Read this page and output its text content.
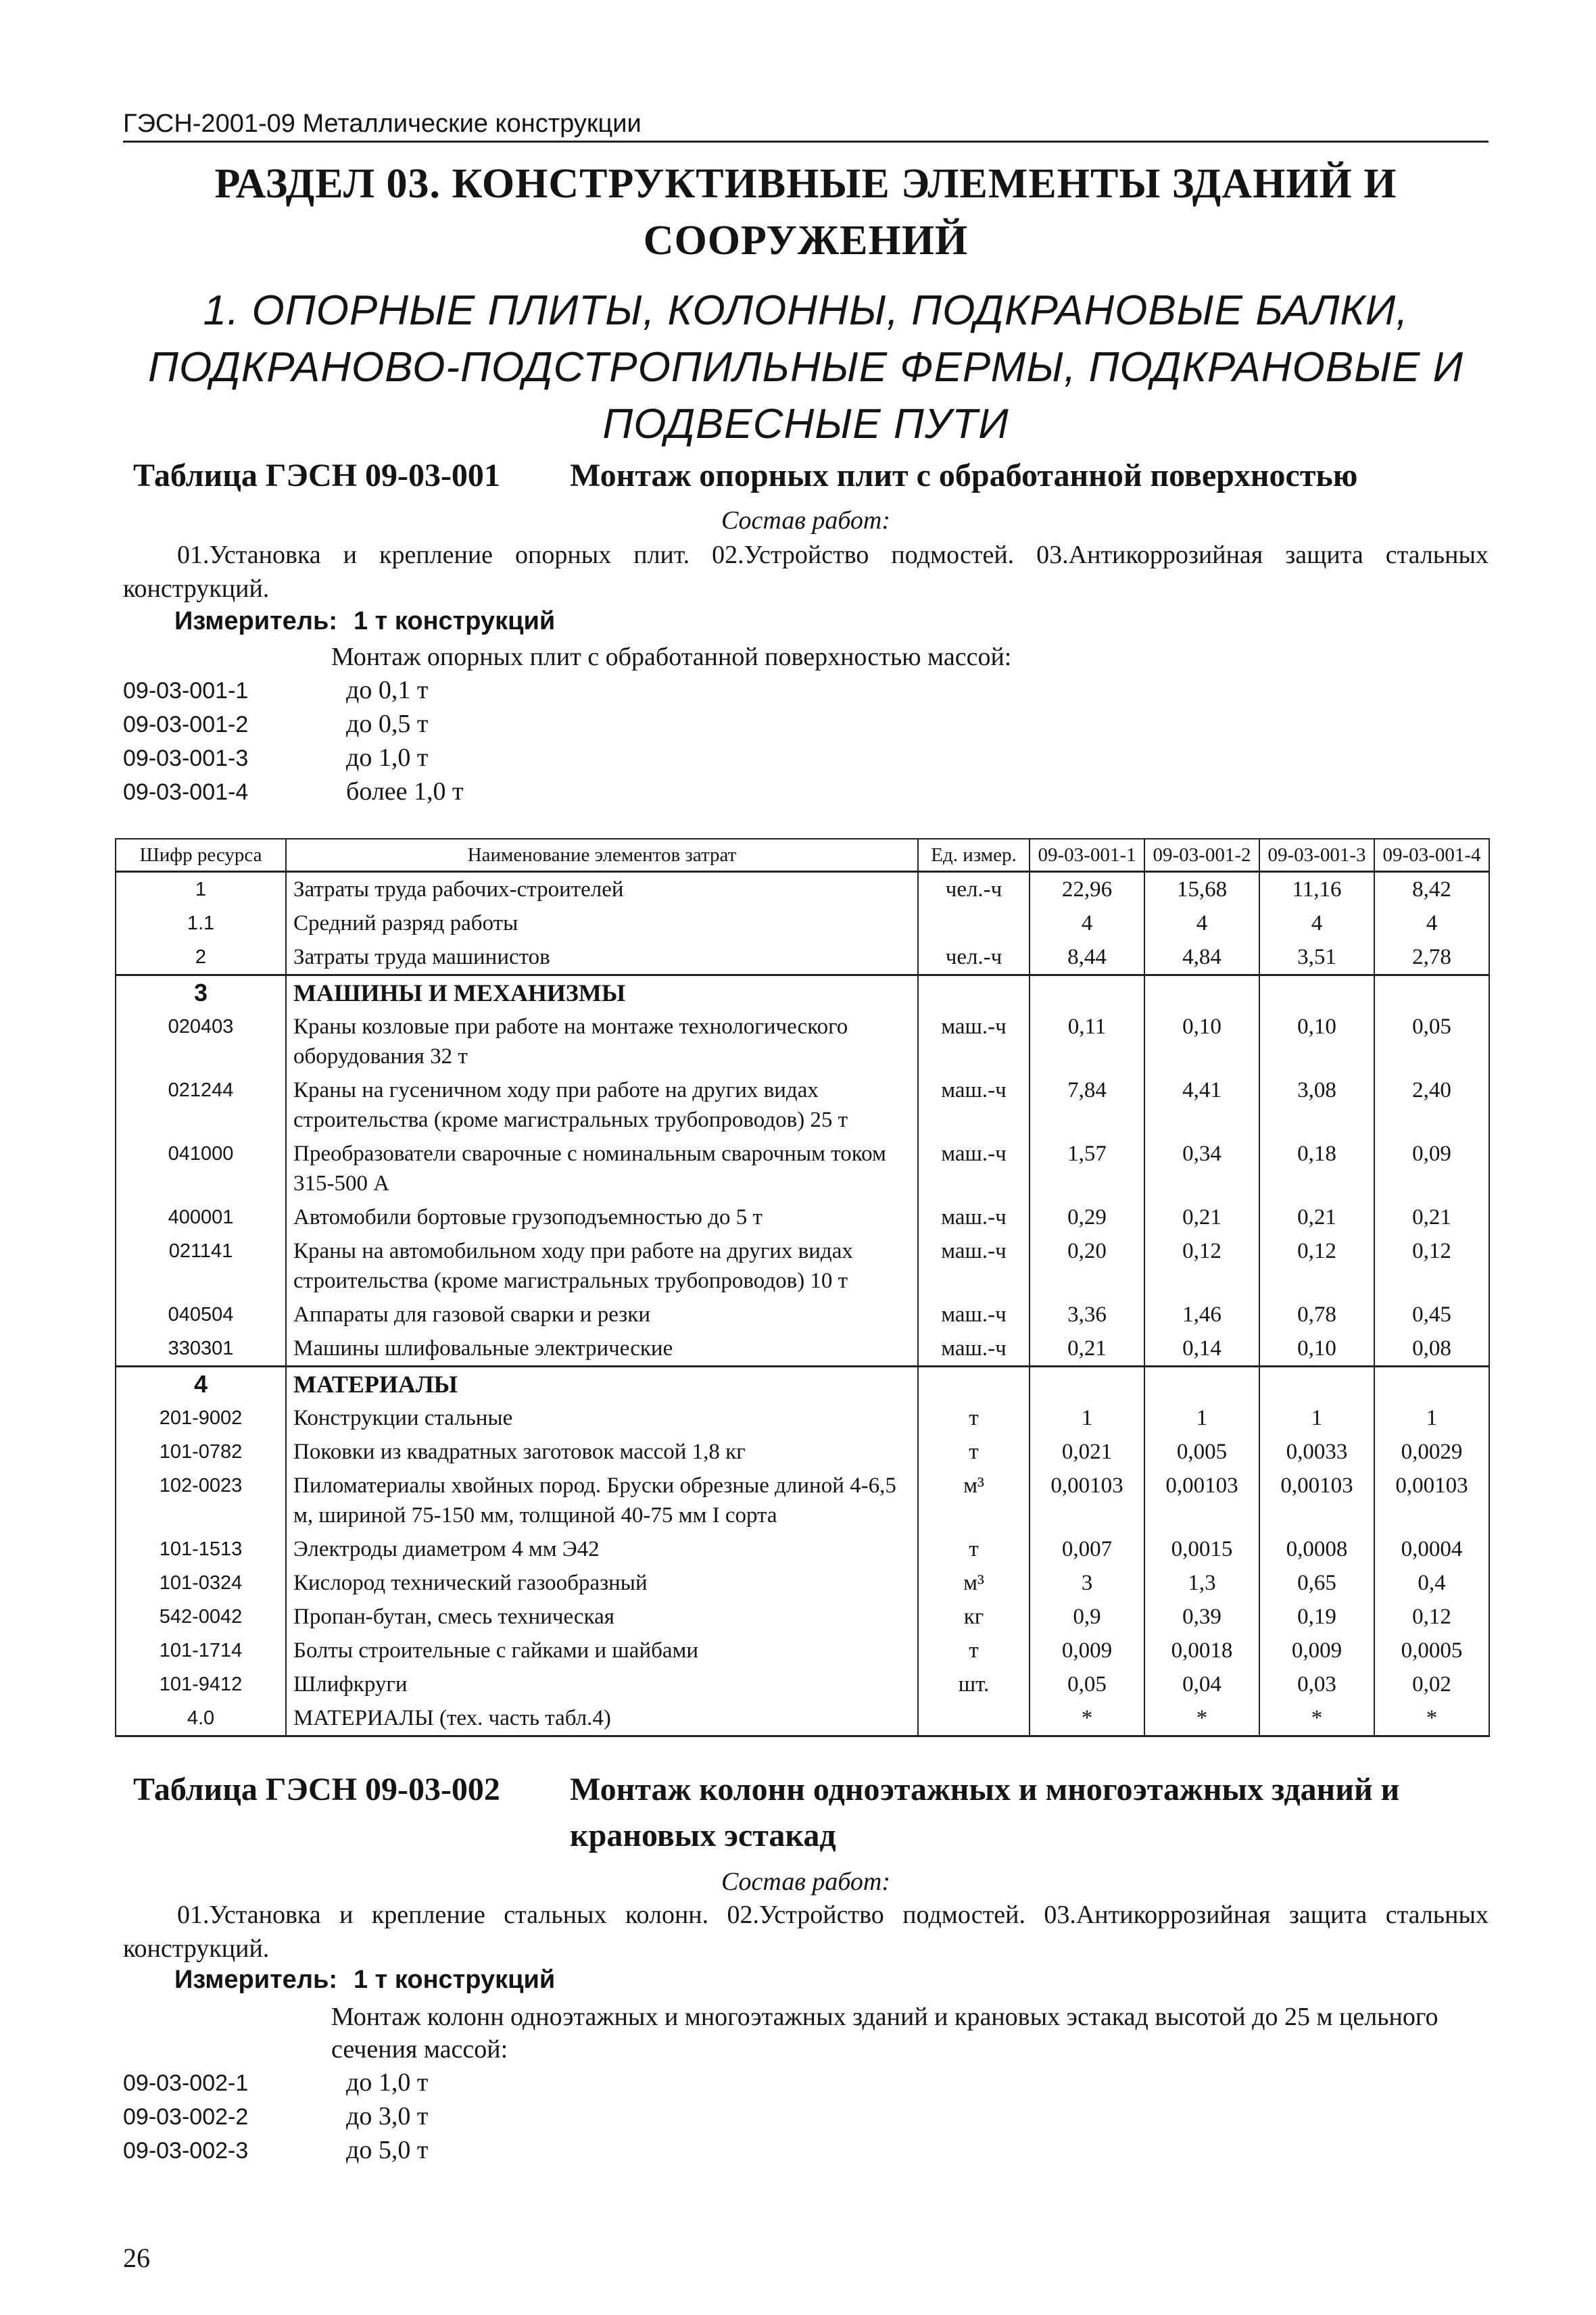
ГЭСН-2001-09 Металлические конструкции
РАЗДЕЛ 03. КОНСТРУКТИВНЫЕ ЭЛЕМЕНТЫ ЗДАНИЙ И СООРУЖЕНИЙ
1. ОПОРНЫЕ ПЛИТЫ, КОЛОННЫ, ПОДКРАНОВЫЕ БАЛКИ, ПОДКРАНОВО-ПОДСТРОПИЛЬНЫЕ ФЕРМЫ, ПОДКРАНОВЫЕ И ПОДВЕСНЫЕ ПУТИ
Таблица ГЭСН 09-03-001 Монтаж опорных плит с обработанной поверхностью
Состав работ:
01.Установка и крепление опорных плит. 02.Устройство подмостей. 03.Антикоррозийная защита стальных конструкций.
Измеритель: 1 т конструкций
Монтаж опорных плит с обработанной поверхностью массой:
09-03-001-1	до 0,1 т
09-03-001-2	до 0,5 т
09-03-001-3	до 1,0 т
09-03-001-4	более 1,0 т
Шифр ресурса	Наименование элементов затрат	Ед. измер.	09-03-001-1	09-03-001-2	09-03-001-3	09-03-001-4
1	Затраты труда рабочих-строителей	чел.-ч	22,96	15,68	11,16	8,42
1.1	Средний разряд работы		4	4	4	4
2	Затраты труда машинистов	чел.-ч	8,44	4,84	3,51	2,78
3	МАШИНЫ И МЕХАНИЗМЫ					
020403	Краны козловые при работе на монтаже технологического оборудования 32 т	маш.-ч	0,11	0,10	0,10	0,05
021244	Краны на гусеничном ходу при работе на других видах строительства (кроме магистральных трубопроводов) 25 т	маш.-ч	7,84	4,41	3,08	2,40
041000	Преобразователи сварочные с номинальным сварочным током 315-500 А	маш.-ч	1,57	0,34	0,18	0,09
400001	Автомобили бортовые грузоподъемностью до 5 т	маш.-ч	0,29	0,21	0,21	0,21
021141	Краны на автомобильном ходу при работе на других видах строительства (кроме магистральных трубопроводов) 10 т	маш.-ч	0,20	0,12	0,12	0,12
040504	Аппараты для газовой сварки и резки	маш.-ч	3,36	1,46	0,78	0,45
330301	Машины шлифовальные электрические	маш.-ч	0,21	0,14	0,10	0,08
4	МАТЕРИАЛЫ					
201-9002	Конструкции стальные	т	1	1	1	1
101-0782	Поковки из квадратных заготовок массой 1,8 кг	т	0,021	0,005	0,0033	0,0029
102-0023	Пиломатериалы хвойных пород. Бруски обрезные длиной 4-6,5 м, шириной 75-150 мм, толщиной 40-75 мм I сорта	м³	0,00103	0,00103	0,00103	0,00103
101-1513	Электроды диаметром 4 мм Э42	т	0,007	0,0015	0,0008	0,0004
101-0324	Кислород технический газообразный	м³	3	1,3	0,65	0,4
542-0042	Пропан-бутан, смесь техническая	кг	0,9	0,39	0,19	0,12
101-1714	Болты строительные с гайками и шайбами	т	0,009	0,0018	0,009	0,0005
101-9412	Шлифкруги	шт.	0,05	0,04	0,03	0,02
4.0	МАТЕРИАЛЫ (тех. часть табл.4)		*	*	*	*
Таблица ГЭСН 09-03-002 Монтаж колонн одноэтажных и многоэтажных зданий и крановых эстакад
Состав работ:
01.Установка и крепление стальных колонн. 02.Устройство подмостей. 03.Антикоррозийная защита стальных конструкций.
Измеритель: 1 т конструкций
Монтаж колонн одноэтажных и многоэтажных зданий и крановых эстакад высотой до 25 м цельного сечения массой:
09-03-002-1	до 1,0 т
09-03-002-2	до 3,0 т
09-03-002-3	до 5,0 т
26
